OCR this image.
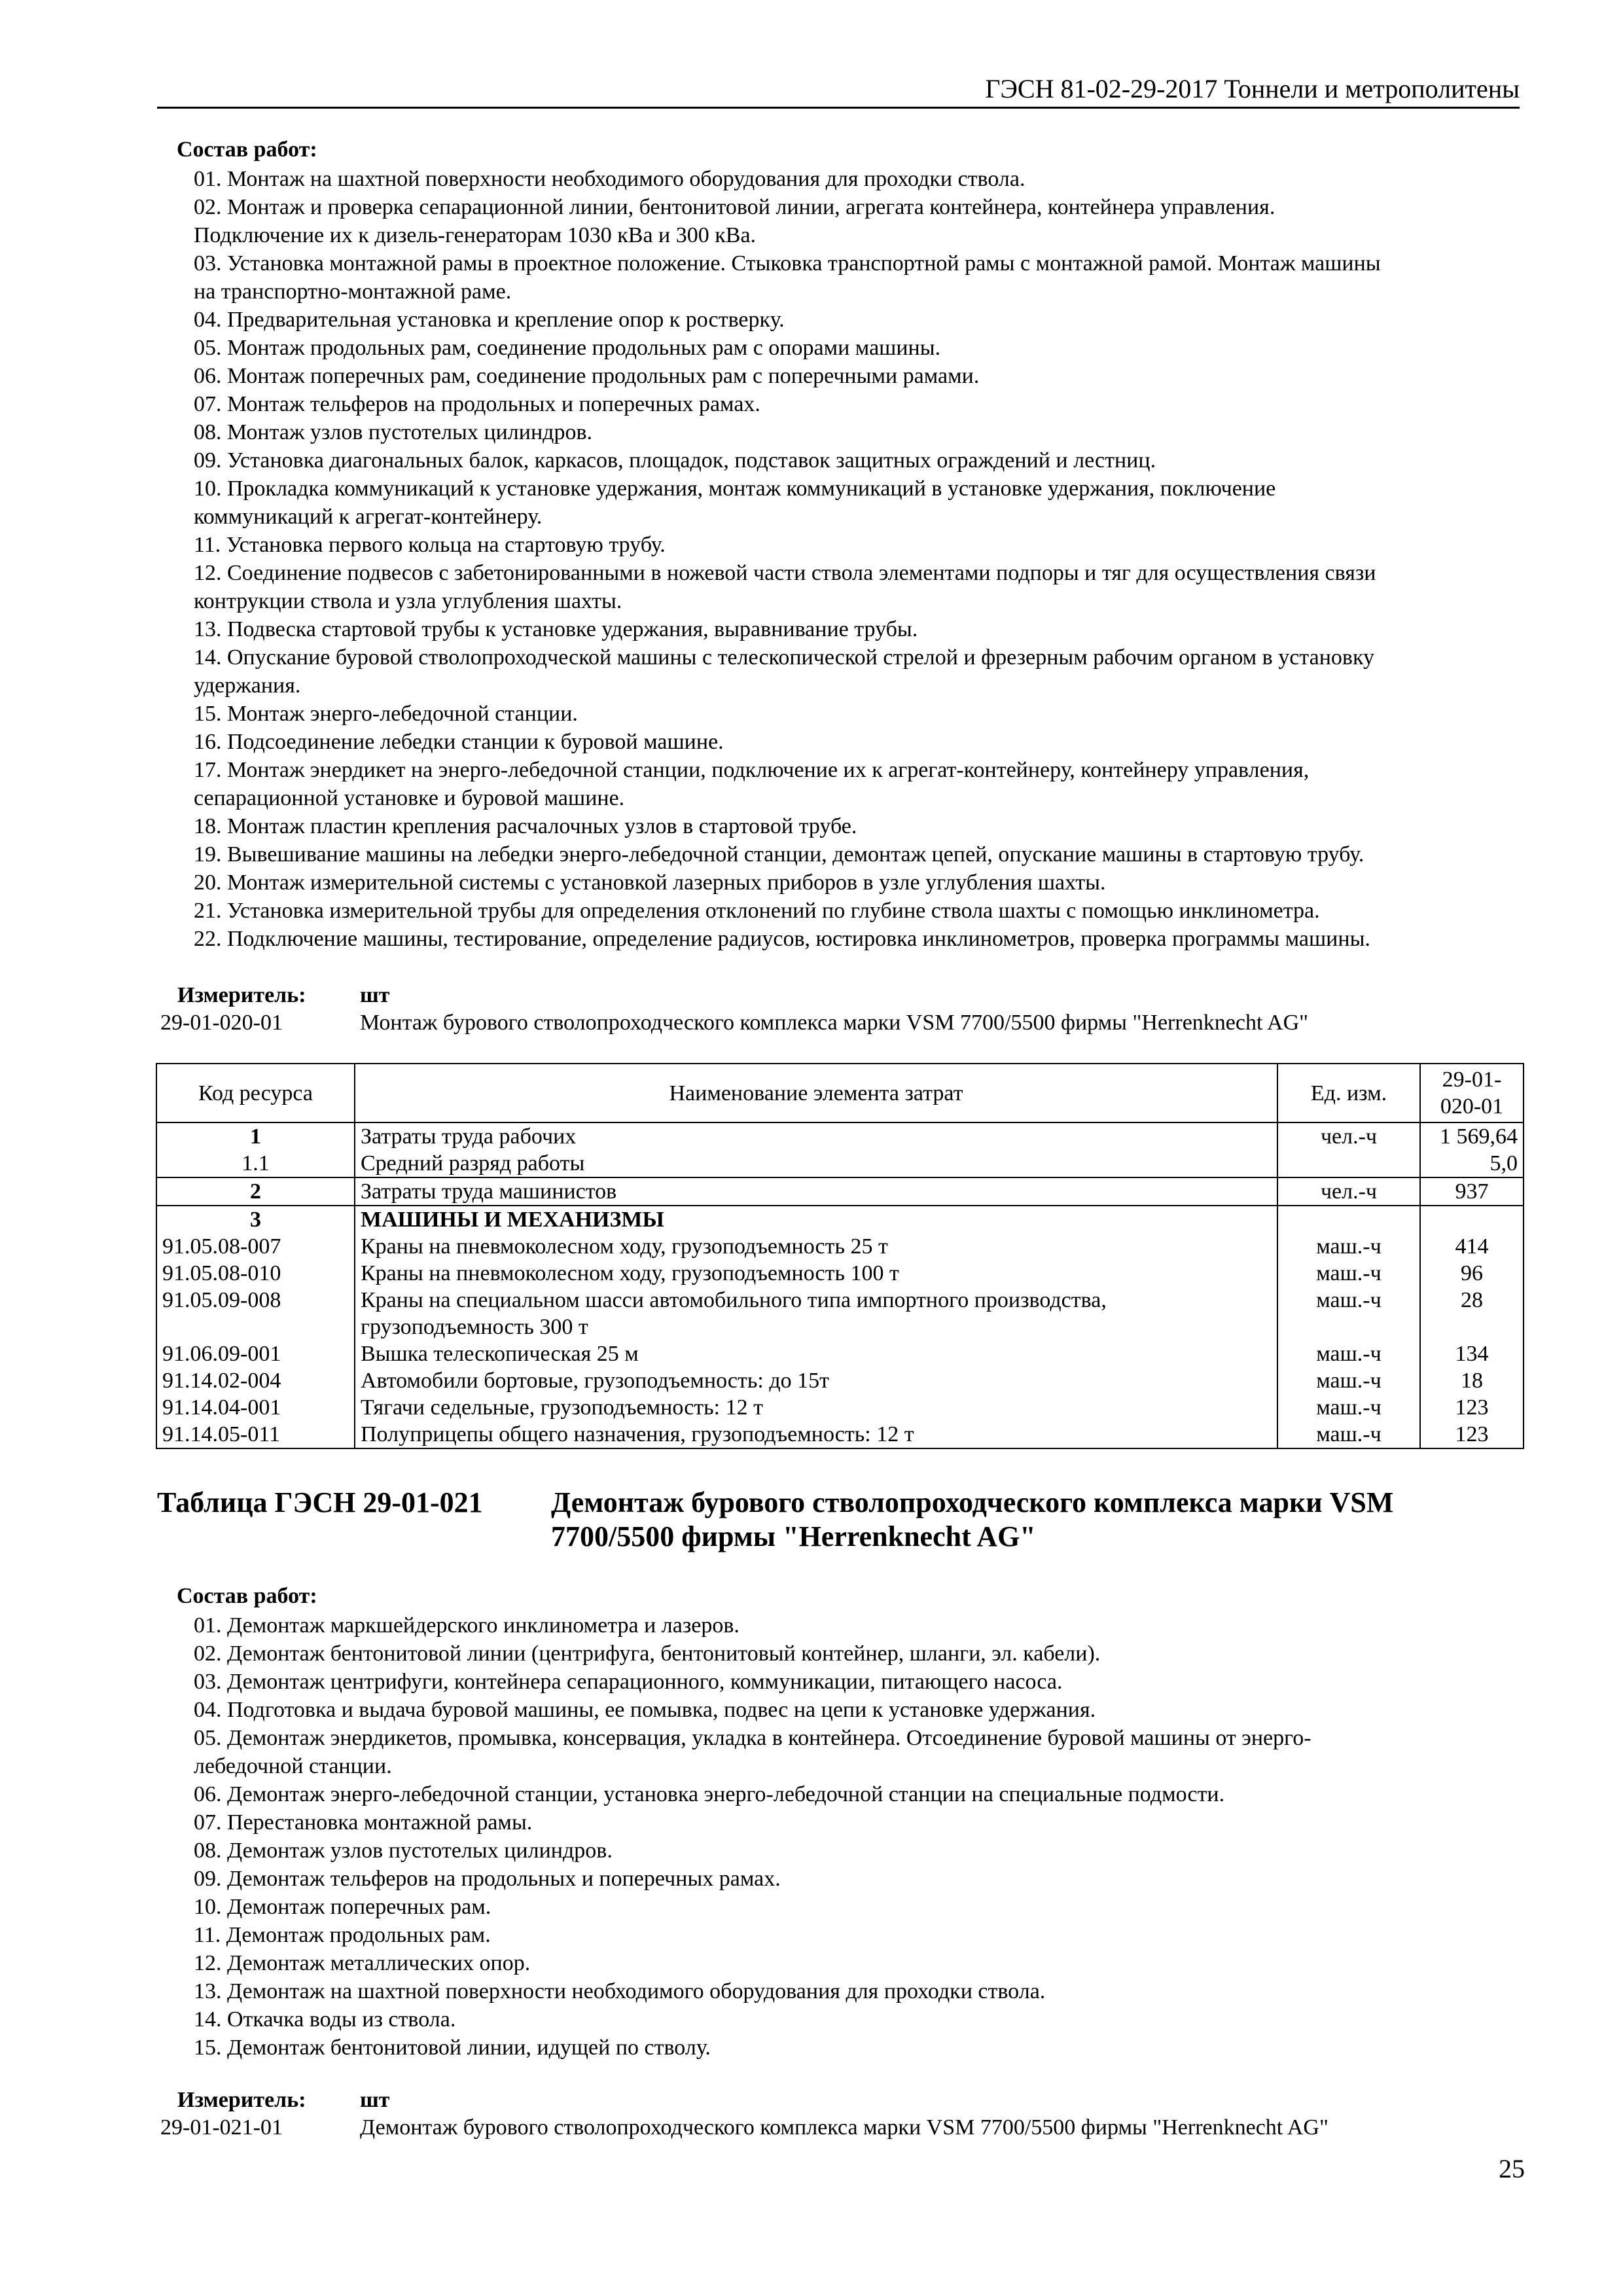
ГЭСН 81-02-29-2017 Тоннели и метрополитены
Состав работ:
01. Монтаж на шахтной поверхности необходимого оборудования для проходки ствола.
02. Монтаж и проверка сепарационной линии, бентонитовой линии, агрегата контейнера, контейнера управления.
Подключение их к дизель-генераторам 1030 кВа и 300 кВа.
03. Установка монтажной рамы в проектное положение. Стыковка транспортной рамы с монтажной рамой. Монтаж машины
на транспортно-монтажной раме.
04. Предварительная установка и крепление опор к ростверку.
05. Монтаж продольных рам, соединение продольных рам с опорами машины.
06. Монтаж поперечных рам, соединение продольных рам с поперечными рамами.
07. Монтаж тельферов на продольных и поперечных рамах.
08. Монтаж узлов пустотелых цилиндров.
09. Установка диагональных балок, каркасов, площадок, подставок защитных ограждений и лестниц.
10. Прокладка коммуникаций к установке удержания, монтаж коммуникаций в установке удержания, поключение
коммуникаций к агрегат-контейнеру.
11. Установка первого кольца на стартовую трубу.
12. Соединение подвесов с забетонированными в ножевой части ствола элементами подпоры и тяг для осуществления связи
контрукции ствола и узла углубления шахты.
13. Подвеска стартовой трубы к установке удержания, выравнивание трубы.
14. Опускание буровой стволопроходческой машины с телескопической стрелой и фрезерным рабочим органом в установку
удержания.
15. Монтаж энерго-лебедочной станции.
16. Подсоединение лебедки станции к буровой машине.
17. Монтаж энердикет на энерго-лебедочной станции, подключение их к агрегат-контейнеру, контейнеру управления,
сепарационной установке и буровой машине.
18. Монтаж пластин крепления расчалочных узлов в стартовой трубе.
19. Вывешивание машины на лебедки энерго-лебедочной станции, демонтаж цепей, опускание машины в стартовую трубу.
20. Монтаж измерительной системы с установкой лазерных приборов в узле углубления шахты.
21. Установка измерительной трубы для определения отклонений по глубине ствола шахты с помощью инклинометра.
22. Подключение машины, тестирование, определение радиусов, юстировка инклинометров, проверка программы машины.
Измеритель:	шт
29-01-020-01	Монтаж бурового стволопроходческого комплекса марки VSM 7700/5500 фирмы "Herrenknecht AG"
Код ресурса	Наименование элемента затрат	Ед. изм.	29-01-
020-01

1	Затраты труда рабочих	чел.-ч	1 569,64
1.1	Средний разряд работы		5,0
2	Затраты труда машинистов	чел.-ч	937
3	МАШИНЫ И МЕХАНИЗМЫ		
91.05.08-007	Краны на пневмоколесном ходу, грузоподъемность 25 т	маш.-ч	414
91.05.08-010	Краны на пневмоколесном ходу, грузоподъемность 100 т	маш.-ч	96
91.05.09-008	Краны на специальном шасси автомобильного типа импортного производства,
грузоподъемность 300 т	маш.-ч	28
91.06.09-001	Вышка телескопическая 25 м	маш.-ч	134
91.14.02-004	Автомобили бортовые, грузоподъемность: до 15т	маш.-ч	18
91.14.04-001	Тягачи седельные, грузоподъемность: 12 т	маш.-ч	123
91.14.05-011	Полуприцепы общего назначения, грузоподъемность: 12 т	маш.-ч	123
Таблица ГЭСН 29-01-021	Демонтаж бурового стволопроходческого комплекса марки VSM
7700/5500 фирмы "Herrenknecht AG"
Состав работ:
01. Демонтаж маркшейдерского инклинометра и лазеров.
02. Демонтаж бентонитовой линии (центрифуга, бентонитовый контейнер, шланги, эл. кабели).
03. Демонтаж центрифуги, контейнера сепарационного, коммуникации, питающего насоса.
04. Подготовка и выдача буровой машины, ее помывка, подвес на цепи к установке удержания.
05. Демонтаж энердикетов, промывка, консервация, укладка в контейнера. Отсоединение буровой машины от энерго-
лебедочной станции.
06. Демонтаж энерго-лебедочной станции, установка энерго-лебедочной станции на специальные подмости.
07. Перестановка монтажной рамы.
08. Демонтаж узлов пустотелых цилиндров.
09. Демонтаж тельферов на продольных и поперечных рамах.
10. Демонтаж поперечных рам.
11. Демонтаж продольных рам.
12. Демонтаж металлических опор.
13. Демонтаж на шахтной поверхности необходимого оборудования для проходки ствола.
14. Откачка воды из ствола.
15. Демонтаж бентонитовой линии, идущей по стволу.
Измеритель:	шт
29-01-021-01	Демонтаж бурового стволопроходческого комплекса марки VSM 7700/5500 фирмы "Herrenknecht AG"
25
